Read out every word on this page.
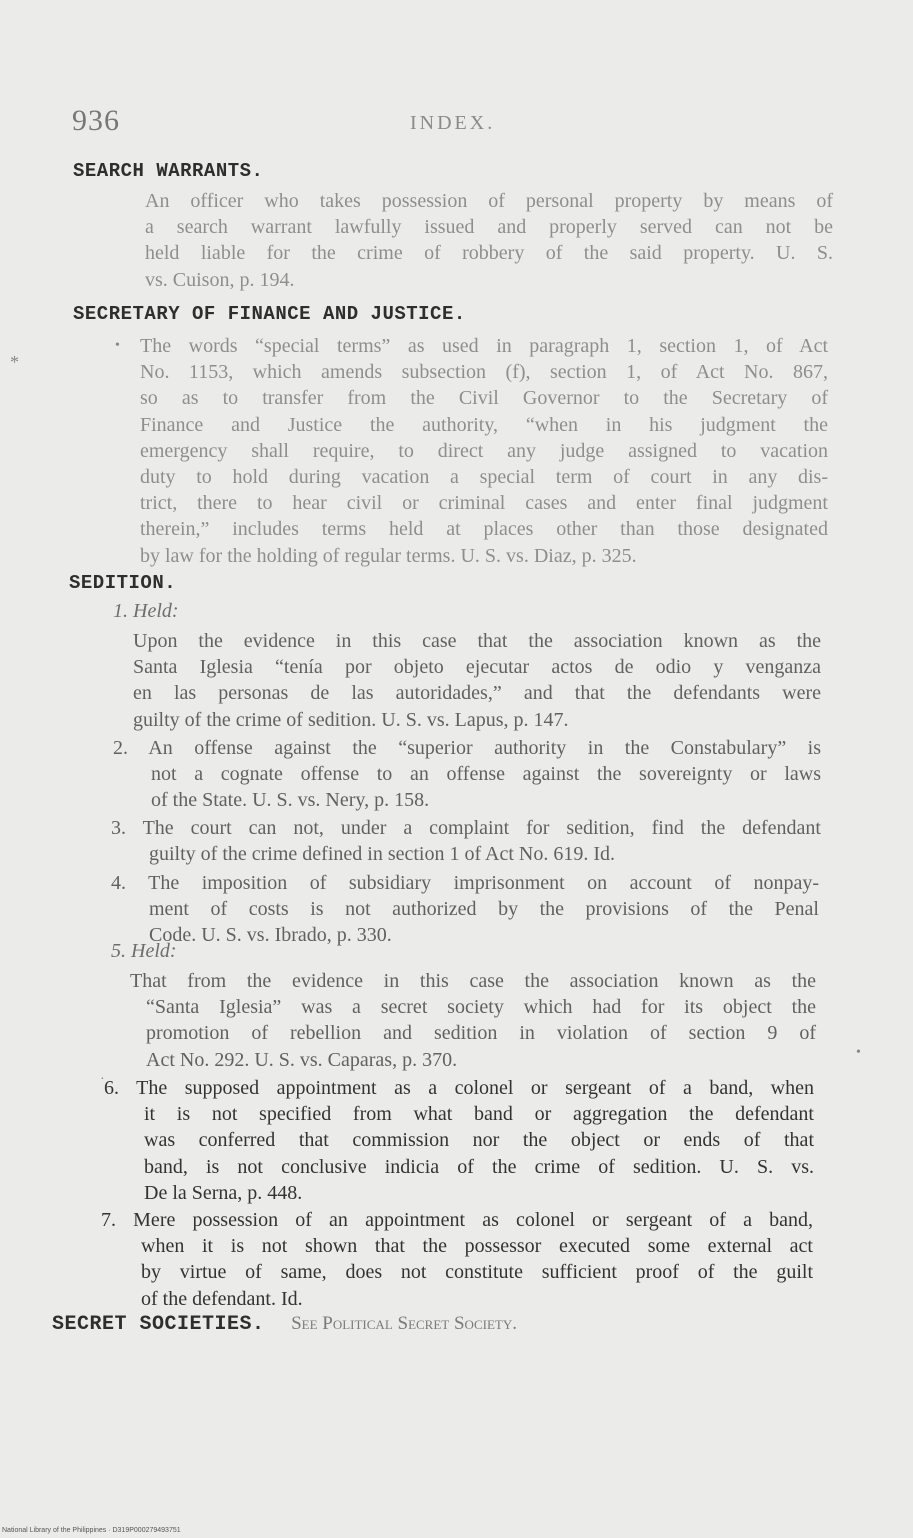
936	INDEX.
SEARCH WARRANTS.
An officer who takes possession of personal property by means of
a search warrant lawfully issued and properly served can not be
held liable for the crime of robbery of the said property. U. S.
vs. Cuison, p. 194.
SECRETARY OF FINANCE AND JUSTICE.
• The words “special terms” as used in paragraph 1, section 1, of Act
No. 1153, which amends subsection (f), section 1, of Act No. 867,
so as to transfer from the Civil Governor to the Secretary of
Finance and Justice the authority, “when in his judgment the
emergency shall require, to direct any judge assigned to vacation
duty to hold during vacation a special term of court in any dis-
trict, there to hear civil or criminal cases and enter final judgment
therein,” includes terms held at places other than those designated
by law for the holding of regular terms. U. S. vs. Diaz, p. 325.
SEDITION.
1. Held:
Upon the evidence in this case that the association known as the
Santa Iglesia “tenía por objeto ejecutar actos de odio y venganza
en las personas de las autoridades,” and that the defendants were
guilty of the crime of sedition. U. S. vs. Lapus, p. 147.
2. An offense against the “superior authority in the Constabulary” is
not a cognate offense to an offense against the sovereignty or laws
of the State. U. S. vs. Nery, p. 158.
3. The court can not, under a complaint for sedition, find the defendant
guilty of the crime defined in section 1 of Act No. 619. Id.
4. The imposition of subsidiary imprisonment on account of nonpay-
ment of costs is not authorized by the provisions of the Penal
Code. U. S. vs. Ibrado, p. 330.
5. Held:
That from the evidence in this case the association known as the
“Santa Iglesia” was a secret society which had for its object the
promotion of rebellion and sedition in violation of section 9 of
Act No. 292. U. S. vs. Caparas, p. 370.
· 6. The supposed appointment as a colonel or sergeant of a band, when
it is not specified from what band or aggregation the defendant
was conferred that commission nor the object or ends of that
band, is not conclusive indicia of the crime of sedition. U. S. vs.
De la Serna, p. 448.
7. Mere possession of an appointment as colonel or sergeant of a band,
when it is not shown that the possessor executed some external act
by virtue of same, does not constitute sufficient proof of the guilt
of the defendant. Id.
SECRET SOCIETIES. See Political Secret Society.
*
•
National Library of the Philippines · D319P000279493751
